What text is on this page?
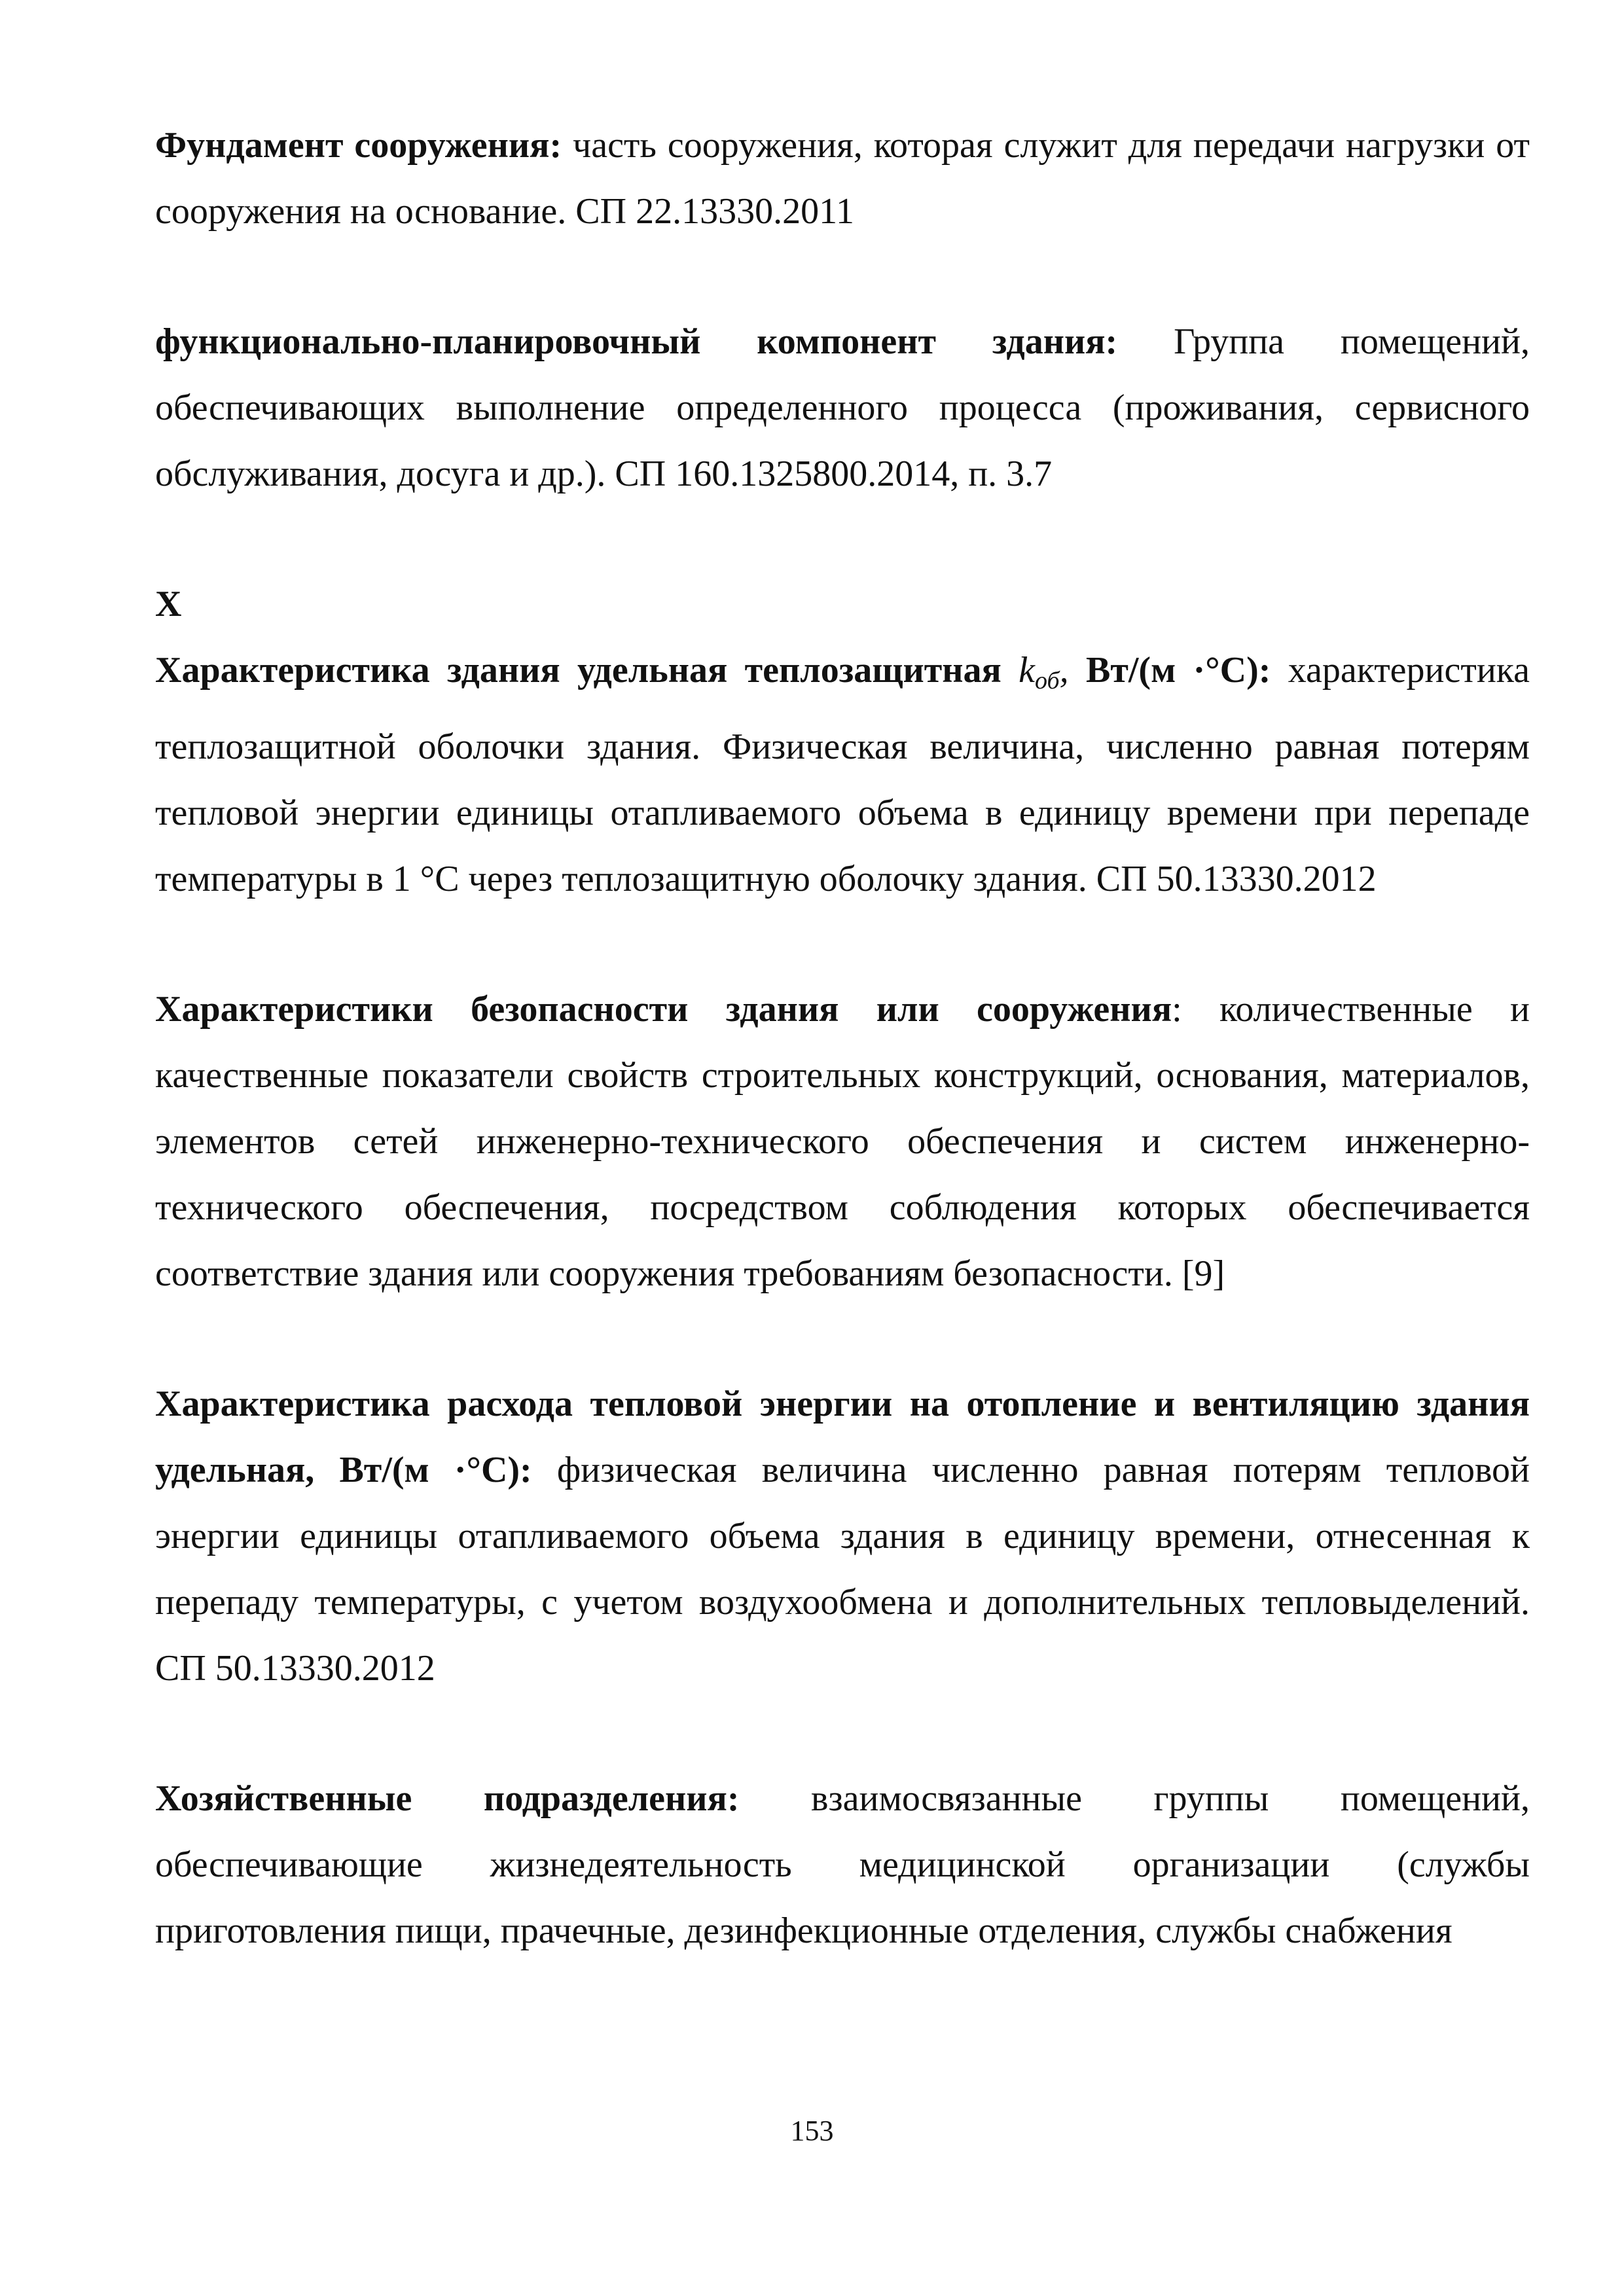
Фундамент сооружения: часть сооружения, которая служит для передачи нагрузки от сооружения на основание. СП 22.13330.2011

функционально-планировочный компонент здания: Группа помещений, обеспечивающих выполнение определенного процесса (проживания, сервисного обслуживания, досуга и др.). СП 160.1325800.2014, п. 3.7

Х

Характеристика здания удельная теплозащитная $k_{об}$, Вт/(м ·°С): характеристика теплозащитной оболочки здания. Физическая величина, численно равная потерям тепловой энергии единицы отапливаемого объема в единицу времени при перепаде температуры в 1 °С через теплозащитную оболочку здания. СП 50.13330.2012

Характеристики безопасности здания или сооружения: количественные и качественные показатели свойств строительных конструкций, основания, материалов, элементов сетей инженерно-технического обеспечения и систем инженерно-технического обеспечения, посредством соблюдения которых обеспечивается соответствие здания или сооружения требованиям безопасности. [9]

Характеристика расхода тепловой энергии на отопление и вентиляцию здания удельная, Вт/(м ·°С): физическая величина численно равная потерям тепловой энергии единицы отапливаемого объема здания в единицу времени, отнесенная к перепаду температуры, с учетом воздухообмена и дополнительных тепловыделений. СП 50.13330.2012

Хозяйственные подразделения: взаимосвязанные группы помещений, обеспечивающие жизнедеятельность медицинской организации (службы приготовления пищи, прачечные, дезинфекционные отделения, службы снабжения

153
